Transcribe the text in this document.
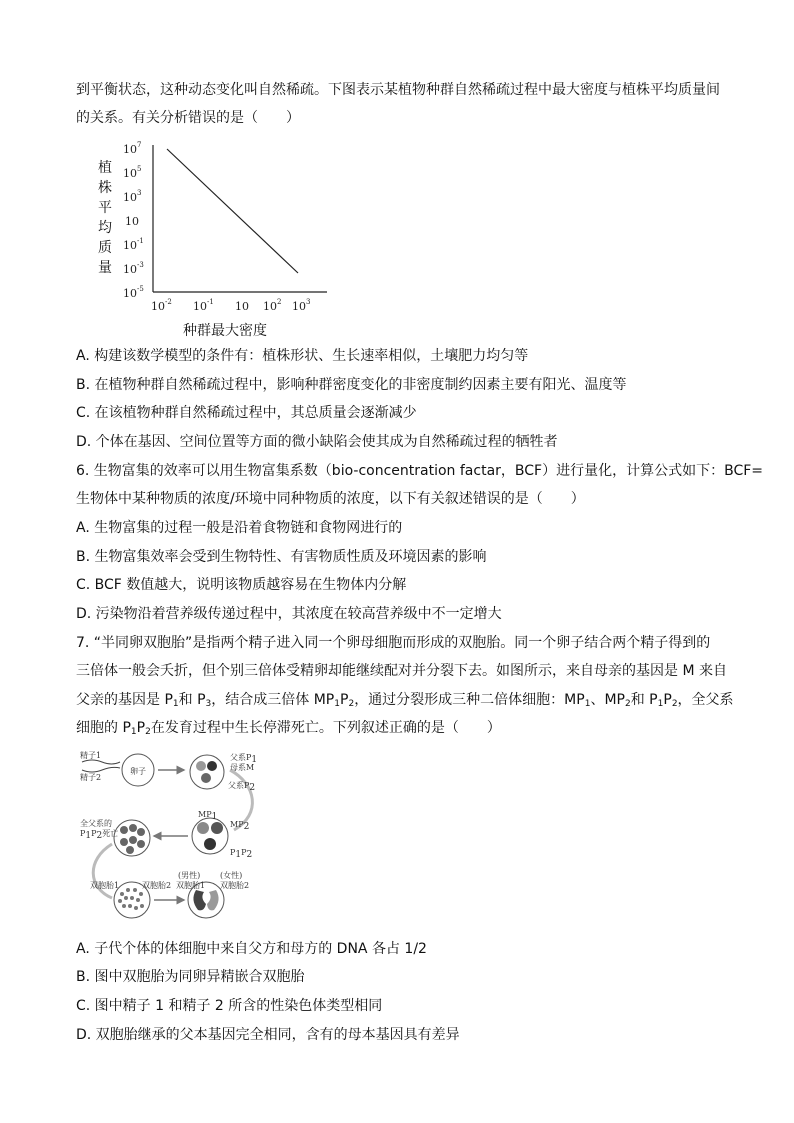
到平衡状态，这种动态变化叫自然稀疏。下图表示某植物种群自然稀疏过程中最大密度与植株平均质量间
的关系。有关分析错误的是（　　）
植
株
平
均
质
量
10 7
10 5
10 3
10
10 -1
10 -3
10 -5
10 -2 10 -1 10 10 2 10 3
种群最大密度
A. 构建该数学模型的条件有：植株形状、生长速率相似，土壤肥力均匀等
B. 在植物种群自然稀疏过程中，影响种群密度变化的非密度制约因素主要有阳光、温度等
C. 在该植物种群自然稀疏过程中，其总质量会逐渐减少
D. 个体在基因、空间位置等方面的微小缺陷会使其成为自然稀疏过程的牺牲者
6. 生物富集的效率可以用生物富集系数（bio-concentration factar，BCF）进行量化，计算公式如下：BCF=
生物体中某种物质的浓度/环境中同种物质的浓度，以下有关叙述错误的是（　　）
A. 生物富集的过程一般是沿着食物链和食物网进行的
B. 生物富集效率会受到生物特性、有害物质性质及环境因素的影响
C. BCF 数值越大，说明该物质越容易在生物体内分解
D. 污染物沿着营养级传递过程中，其浓度在较高营养级中不一定增大
7. “半同卵双胞胎”是指两个精子进入同一个卵母细胞而形成的双胞胎。同一个卵子结合两个精子得到的
三倍体一般会夭折，但个别三倍体受精卵却能继续配对并分裂下去。如图所示，来自母亲的基因是 M 来自
父亲的基因是 $P_1$和 $P_3$，结合成三倍体 $MP_1P_2$，通过分裂形成三种二倍体细胞：$MP_1$、$MP_2$和 $P_1P_2$，全父系
细胞的 $P_1P_2$在发育过程中生长停滞死亡。下列叙述正确的是（　　）
精子1
精子2
卵子
父系$P_1$
母系M
父系$P_2$
$MP_1$
$MP_2$
$P_1P_2$
全父系的
$P_1P_2$死亡
双胞胎1	双胞胎2
(男性) (女性)
双胞胎1 双胞胎2
A. 子代个体的体细胞中来自父方和母方的 DNA 各占 1/2
B. 图中双胞胎为同卵异精嵌合双胞胎
C. 图中精子 1 和精子 2 所含的性染色体类型相同
D. 双胞胎继承的父本基因完全相同，含有的母本基因具有差异
